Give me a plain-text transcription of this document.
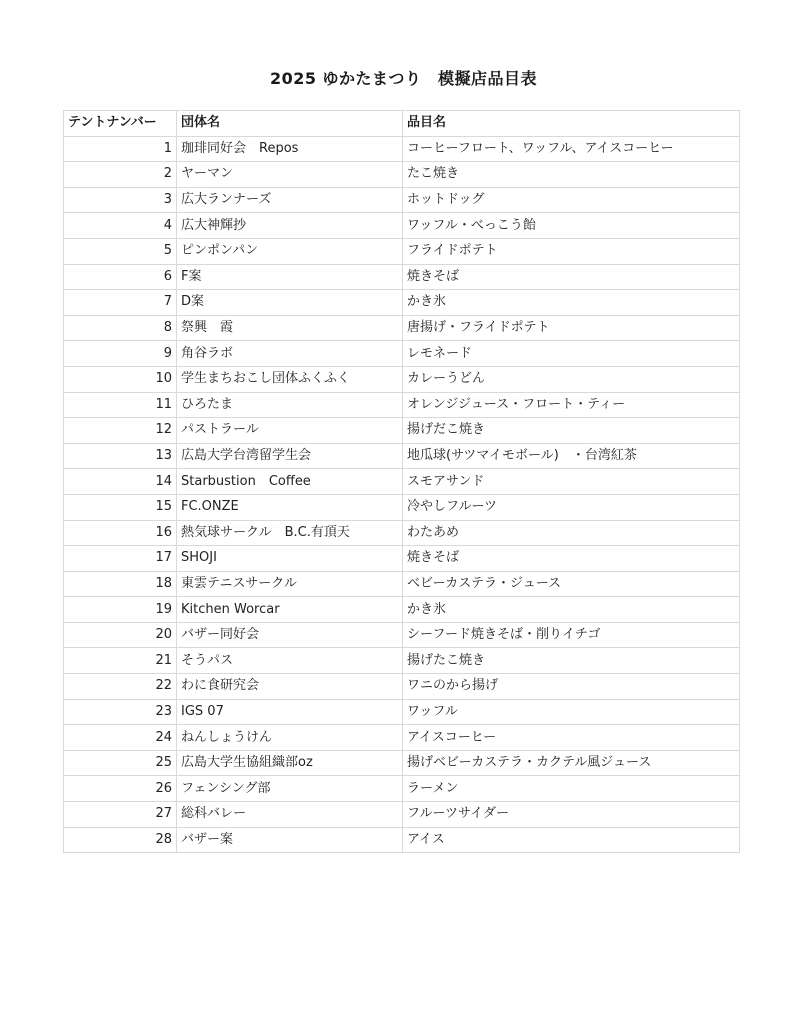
2025 ゆかたまつり　模擬店品目表
テントナンバー	団体名	品目名
1	珈琲同好会　Repos	コーヒーフロート、ワッフル、アイスコーヒー
2	ヤーマン	たこ焼き
3	広大ランナーズ	ホットドッグ
4	広大神輝抄	ワッフル・べっこう飴
5	ピンポンパン	フライドポテト
6	F案	焼きそば
7	D案	かき氷
8	祭興　霞	唐揚げ・フライドポテト
9	角谷ラボ	レモネード
10	学生まちおこし団体ふくふく	カレーうどん
11	ひろたま	オレンジジュース・フロート・ティー
12	パストラール	揚げだこ焼き
13	広島大学台湾留学生会	地瓜球(サツマイモボール)　・台湾紅茶
14	Starbustion　Coffee	スモアサンド
15	FC.ONZE	冷やしフルーツ
16	熱気球サークル　B.C.有頂天	わたあめ
17	SHOJI	焼きそば
18	東雲テニスサークル	ベビーカステラ・ジュース
19	Kitchen Worcar	かき氷
20	バザー同好会	シーフード焼きそば・削りイチゴ
21	そうパス	揚げたこ焼き
22	わに食研究会	ワニのから揚げ
23	IGS 07	ワッフル
24	ねんしょうけん	アイスコーヒー
25	広島大学生協組織部oz	揚げベビーカステラ・カクテル風ジュース
26	フェンシング部	ラーメン
27	総科バレー	フルーツサイダー
28	バザー案	アイス
